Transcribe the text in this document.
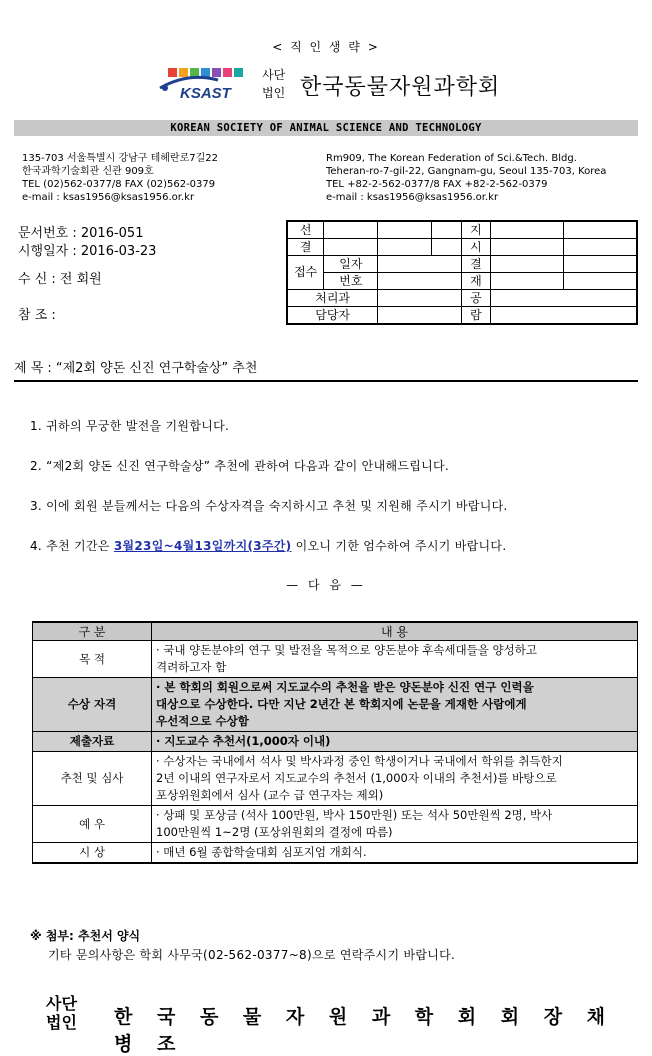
< 직 인 생 략 >
KSAST
사단
법인 한국동물자원과학회
KOREAN SOCIETY OF ANIMAL SCIENCE AND TECHNOLOGY
135-703 서울특별시 강남구 테헤란로7길22
한국과학기술회관 신관 909호
TEL (02)562-0377/8 FAX (02)562-0379
e-mail : ksas1956@ksas1956.or.kr
Rm909, The Korean Federation of Sci.&Tech. Bldg.
Teheran-ro-7-gil-22, Gangnam-gu, Seoul 135-703, Korea
TEL +82-2-562-0377/8 FAX +82-2-562-0379
e-mail : ksas1956@ksas1956.or.kr
문서번호 : 2016-051
시행일자 : 2016-03-23
수 신 : 전 회원
참 조 :
선				지		
결				시		
접수	일자			결		
	번호			재		
처리과				공		
담당자				람		
제 목 : “제2회 양돈 신진 연구학술상” 추천
1. 귀하의 무궁한 발전을 기원합니다.
2. “제2회 양돈 신진 연구학술상” 추천에 관하여 다음과 같이 안내해드립니다.
3. 이에 회원 분들께서는 다음의 수상자격을 숙지하시고 추천 및 지원해 주시기 바랍니다.
4. 추천 기간은 3월23일~4월13일까지(3주간) 이오니 기한 엄수하여 주시기 바랍니다.
— 다 음 —
구 분	내 용
목 적	· 국내 양돈분야의 연구 및 발전을 목적으로 양돈분야 후속세대들을 양성하고
격려하고자 함

수상 자격	· 본 학회의 회원으로써 지도교수의 추천을 받은 양돈분야 신진 연구 인력을
대상으로 수상한다. 다만 지난 2년간 본 학회지에 논문을 게재한 사람에게
우선적으로 수상함

제출자료	· 지도교수 추천서(1,000자 이내)

추천 및 심사	· 수상자는 국내에서 석사 및 박사과정 중인 학생이거나 국내에서 학위를 취득한지
2년 이내의 연구자로서 지도교수의 추천서 (1,000자 이내의 추천서)를 바탕으로
포상위원회에서 심사 (교수 급 연구자는 제외)

예 우	· 상패 및 포상금 (석사 100만원, 박사 150만원) 또는 석사 50만원씩 2명, 박사
100만원씩 1~2명 (포상위원회의 결정에 따름)

시 상	· 매년 6월 종합학술대회 심포지엄 개회식.
※ 첨부: 추천서 양식
기타 문의사항은 학회 사무국(02-562-0377~8)으로 연락주시기 바랍니다.
사단
법인 한 국 동 물 자 원 과 학 회 회 장 채 병 조
